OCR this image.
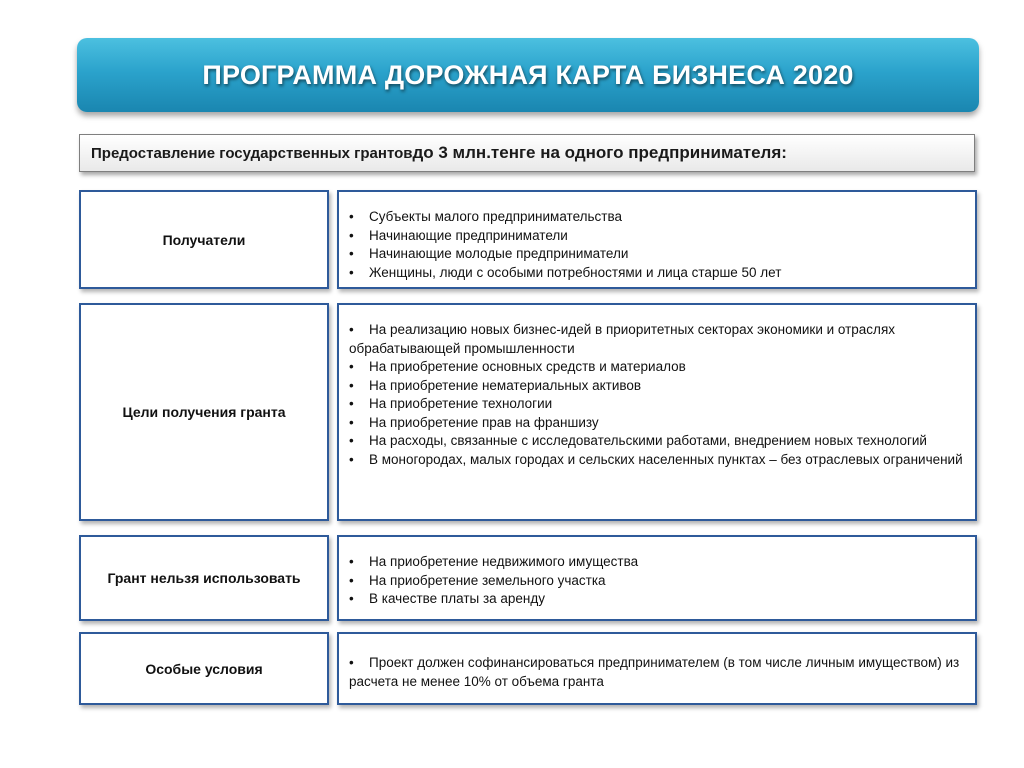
ПРОГРАММА ДОРОЖНАЯ КАРТА БИЗНЕСА 2020
Предоставление государственных грантов до 3 млн.тенге на одного предпринимателя:
Получатели
• Субъекты малого предпринимательства
• Начинающие предприниматели
• Начинающие молодые предприниматели
• Женщины, люди с особыми потребностями и лица старше 50 лет
Цели получения гранта
• На реализацию новых бизнес-идей в приоритетных секторах экономики и отраслях обрабатывающей промышленности
• На приобретение основных средств и материалов
• На приобретение нематериальных активов
• На приобретение технологии
• На приобретение прав на франшизу
• На расходы, связанные с исследовательскими работами, внедрением новых технологий
• В моногородах, малых городах и сельских населенных пунктах – без отраслевых ограничений
Грант нельзя использовать
• На приобретение недвижимого имущества
• На приобретение земельного участка
• В качестве платы за аренду
Особые условия	• Проект должен софинансироваться предпринимателем (в том числе личным имуществом) из расчета не менее 10% от объема гранта
